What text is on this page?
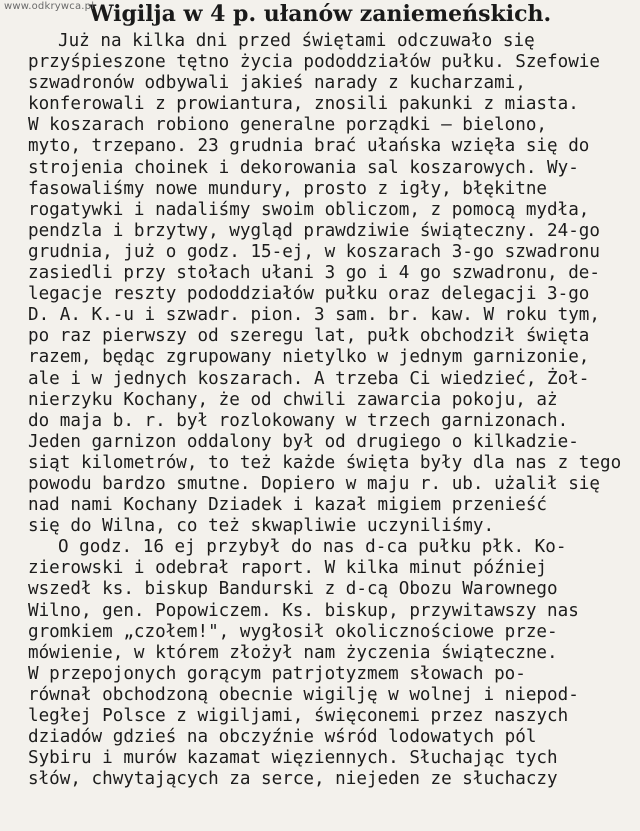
www.odkrywca.pl
Wigilja w 4 p. ułanów zaniemeńskich.
Już na kilka dni przed świętami odczuwało się
przyśpieszone tętno życia pododdziałów pułku. Szefowie
szwadronów odbywali jakieś narady z kucharzami,
konferowali z prowiantura, znosili pakunki z miasta.
W koszarach robiono generalne porządki — bielono,
myto, trzepano. 23 grudnia brać ułańska wzięła się do
strojenia choinek i dekorowania sal koszarowych. Wy-
fasowaliśmy nowe mundury, prosto z igły, błękitne
rogatywki i nadaliśmy swoim obliczom, z pomocą mydła,
pendzla i brzytwy, wygląd prawdziwie świąteczny. 24-go
grudnia, już o godz. 15-ej, w koszarach 3-go szwadronu
zasiedli przy stołach ułani 3 go i 4 go szwadronu, de-
legacje reszty pododdziałów pułku oraz delegacji 3-go
D. A. K.-u i szwadr. pion. 3 sam. br. kaw. W roku tym,
po raz pierwszy od szeregu lat, pułk obchodził święta
razem, będąc zgrupowany nietylko w jednym garnizonie,
ale i w jednych koszarach. A trzeba Ci wiedzieć, Żoł-
nierzyku Kochany, że od chwili zawarcia pokoju, aż
do maja b. r. był rozlokowany w trzech garnizonach.
Jeden garnizon oddalony był od drugiego o kilkadzie-
siąt kilometrów, to też każde święta były dla nas z tego
powodu bardzo smutne. Dopiero w maju r. ub. użalił się
nad nami Kochany Dziadek i kazał migiem przenieść
się do Wilna, co też skwapliwie uczyniliśmy.
O godz. 16 ej przybył do nas d-ca pułku płk. Ko-
zierowski i odebrał raport. W kilka minut później
wszedł ks. biskup Bandurski z d-cą Obozu Warownego
Wilno, gen. Popowiczem. Ks. biskup, przywitawszy nas
gromkiem „czołem!", wygłosił okolicznościowe prze-
mówienie, w którem złożył nam życzenia świąteczne.
W przepojonych gorącym patrjotyzmem słowach po-
równał obchodzoną obecnie wigilję w wolnej i niepod-
ległej Polsce z wigiljami, święconemi przez naszych
dziadów gdzieś na obczyźnie wśród lodowatych pól
Sybiru i murów kazamat więziennych. Słuchając tych
słów, chwytających za serce, niejeden ze słuchaczy
